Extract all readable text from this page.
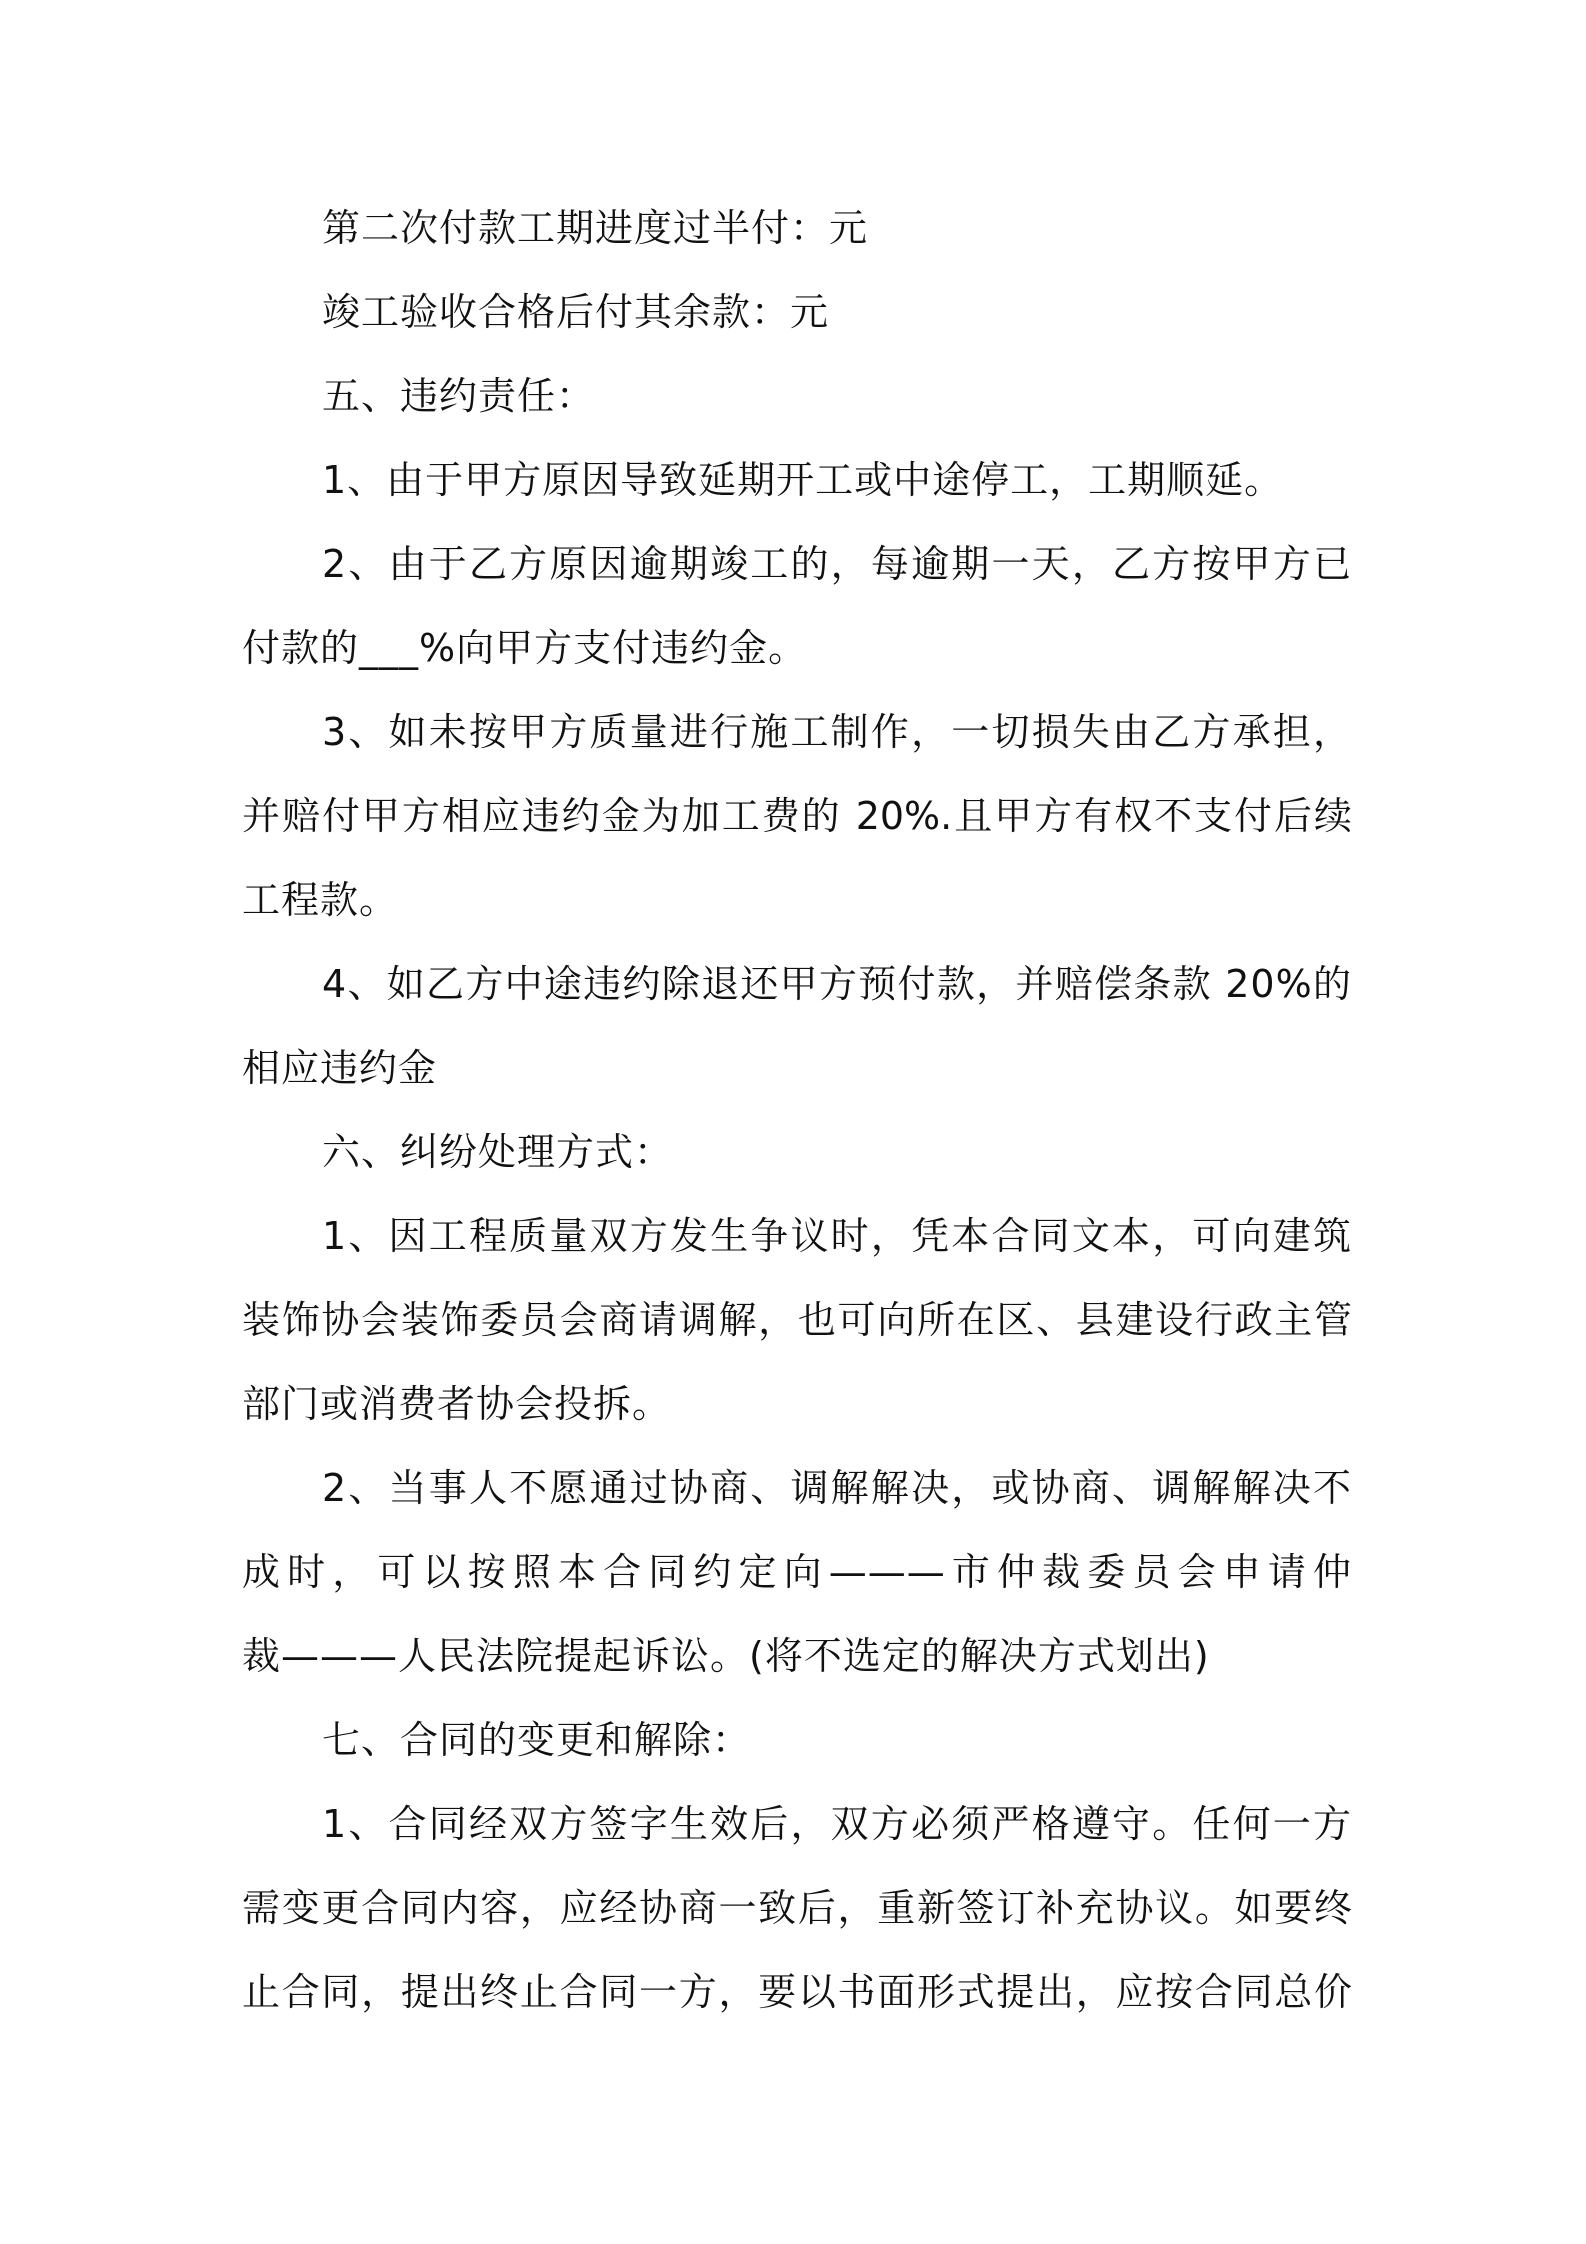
第二次付款工期进度过半付：元
竣工验收合格后付其余款：元
五、违约责任：
1、由于甲方原因导致延期开工或中途停工，工期顺延。
2、由于乙方原因逾期竣工的，每逾期一天，乙方按甲方已
付款的___%向甲方支付违约金。
3、如未按甲方质量进行施工制作，一切损失由乙方承担，
并赔付甲方相应违约金为加工费的 20%.且甲方有权不支付后续
工程款。
4、如乙方中途违约除退还甲方预付款，并赔偿条款 20%的
相应违约金
六、纠纷处理方式：
1、因工程质量双方发生争议时，凭本合同文本，可向建筑
装饰协会装饰委员会商请调解，也可向所在区、县建设行政主管
部门或消费者协会投拆。
2、当事人不愿通过协商、调解解决，或协商、调解解决不
成时，可以按照本合同约定向———市仲裁委员会申请仲
裁———人民法院提起诉讼。(将不选定的解决方式划出)
七、合同的变更和解除：
1、合同经双方签字生效后，双方必须严格遵守。任何一方
需变更合同内容，应经协商一致后，重新签订补充协议。如要终
止合同，提出终止合同一方，要以书面形式提出，应按合同总价
